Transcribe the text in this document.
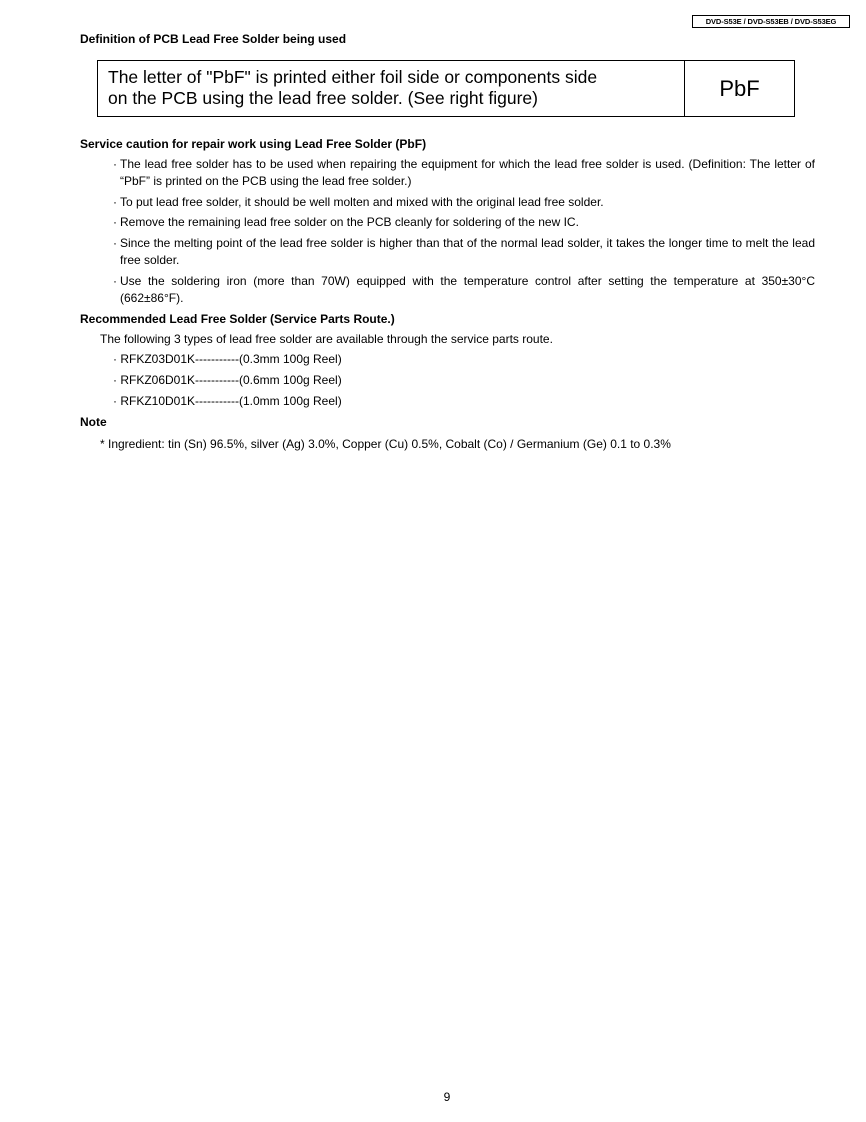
DVD-S53E / DVD-S53EB / DVD-S53EG
Definition of PCB Lead Free Solder being used
The letter of "PbF" is printed either foil side or components side
on the PCB using the lead free solder. (See right figure)	PbF
Service caution for repair work using Lead Free Solder (PbF)
· The lead free solder has to be used when repairing the equipment for which the lead free solder is used. (Definition: The letter of “PbF” is printed on the PCB using the lead free solder.)
· To put lead free solder, it should be well molten and mixed with the original lead free solder.
· Remove the remaining lead free solder on the PCB cleanly for soldering of the new IC.
· Since the melting point of the lead free solder is higher than that of the normal lead solder, it takes the longer time to melt the lead free solder.
· Use the soldering iron (more than 70W) equipped with the temperature control after setting the temperature at 350±30°C (662±86°F).
Recommended Lead Free Solder (Service Parts Route.)
The following 3 types of lead free solder are available through the service parts route.
· RFKZ03D01K-----------(0.3mm 100g Reel)
· RFKZ06D01K-----------(0.6mm 100g Reel)
· RFKZ10D01K-----------(1.0mm 100g Reel)
Note
* Ingredient: tin (Sn) 96.5%, silver (Ag) 3.0%, Copper (Cu) 0.5%, Cobalt (Co) / Germanium (Ge) 0.1 to 0.3%
9
